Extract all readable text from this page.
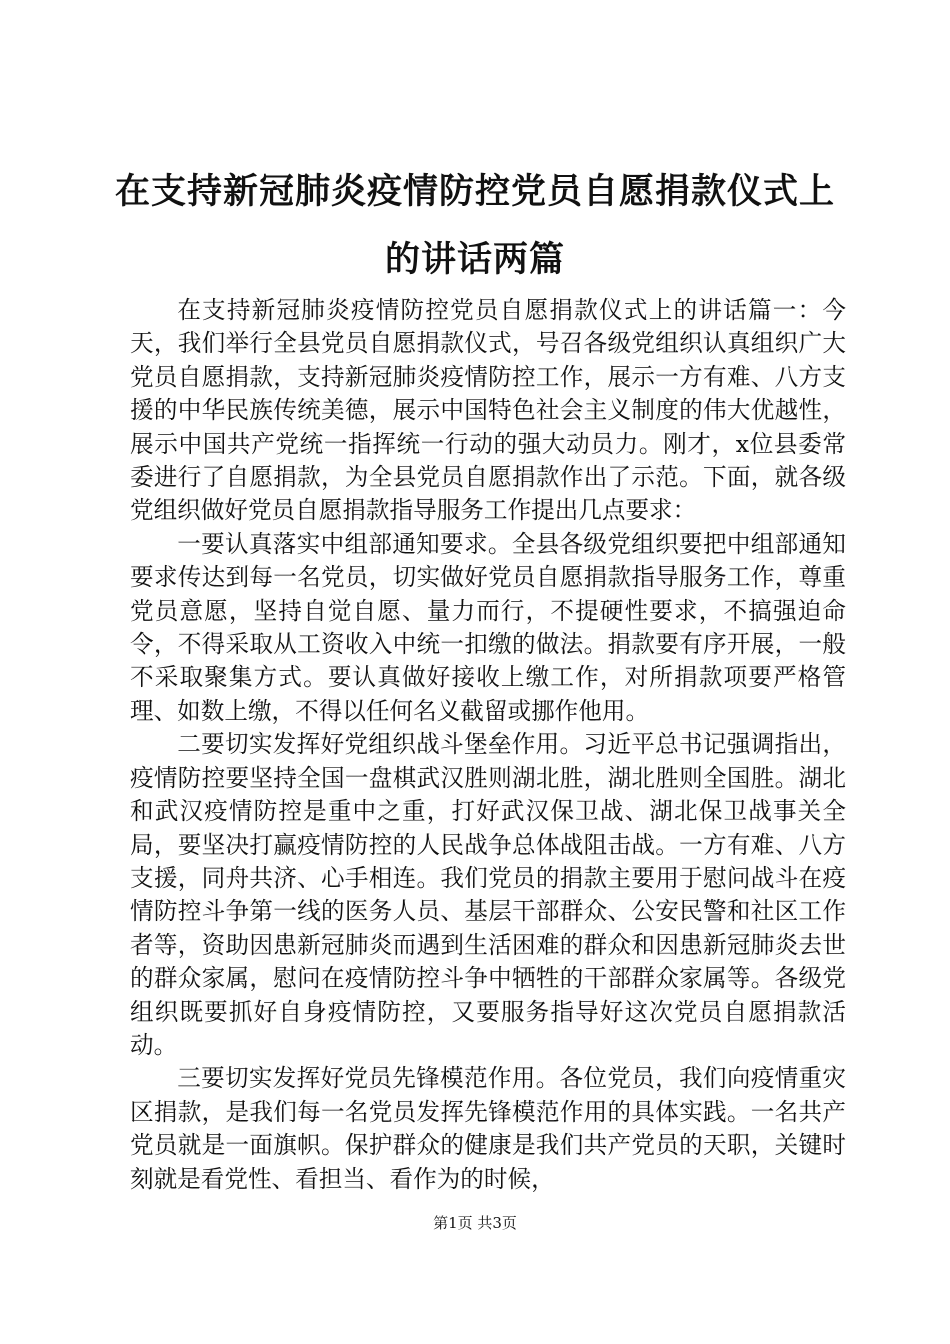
在支持新冠肺炎疫情防控党员自愿捐款仪式上的讲话两篇

在支持新冠肺炎疫情防控党员自愿捐款仪式上的讲话篇一：今天，我们举行全县党员自愿捐款仪式，号召各级党组织认真组织广大党员自愿捐款，支持新冠肺炎疫情防控工作，展示一方有难、八方支援的中华民族传统美德，展示中国特色社会主义制度的伟大优越性，展示中国共产党统一指挥统一行动的强大动员力。刚才，x位县委常委进行了自愿捐款，为全县党员自愿捐款作出了示范。下面，就各级党组织做好党员自愿捐款指导服务工作提出几点要求：

一要认真落实中组部通知要求。全县各级党组织要把中组部通知要求传达到每一名党员，切实做好党员自愿捐款指导服务工作，尊重党员意愿，坚持自觉自愿、量力而行，不提硬性要求，不搞强迫命令，不得采取从工资收入中统一扣缴的做法。捐款要有序开展，一般不采取聚集方式。要认真做好接收上缴工作，对所捐款项要严格管理、如数上缴，不得以任何名义截留或挪作他用。

二要切实发挥好党组织战斗堡垒作用。习近平总书记强调指出，疫情防控要坚持全国一盘棋武汉胜则湖北胜，湖北胜则全国胜。湖北和武汉疫情防控是重中之重，打好武汉保卫战、湖北保卫战事关全局，要坚决打赢疫情防控的人民战争总体战阻击战。一方有难、八方支援，同舟共济、心手相连。我们党员的捐款主要用于慰问战斗在疫情防控斗争第一线的医务人员、基层干部群众、公安民警和社区工作者等，资助因患新冠肺炎而遇到生活困难的群众和因患新冠肺炎去世的群众家属，慰问在疫情防控斗争中牺牲的干部群众家属等。各级党组织既要抓好自身疫情防控，又要服务指导好这次党员自愿捐款活动。

三要切实发挥好党员先锋模范作用。各位党员，我们向疫情重灾区捐款，是我们每一名党员发挥先锋模范作用的具体实践。一名共产党员就是一面旗帜。保护群众的健康是我们共产党员的天职，关键时刻就是看党性、看担当、看作为的时候，

第1页 共3页
